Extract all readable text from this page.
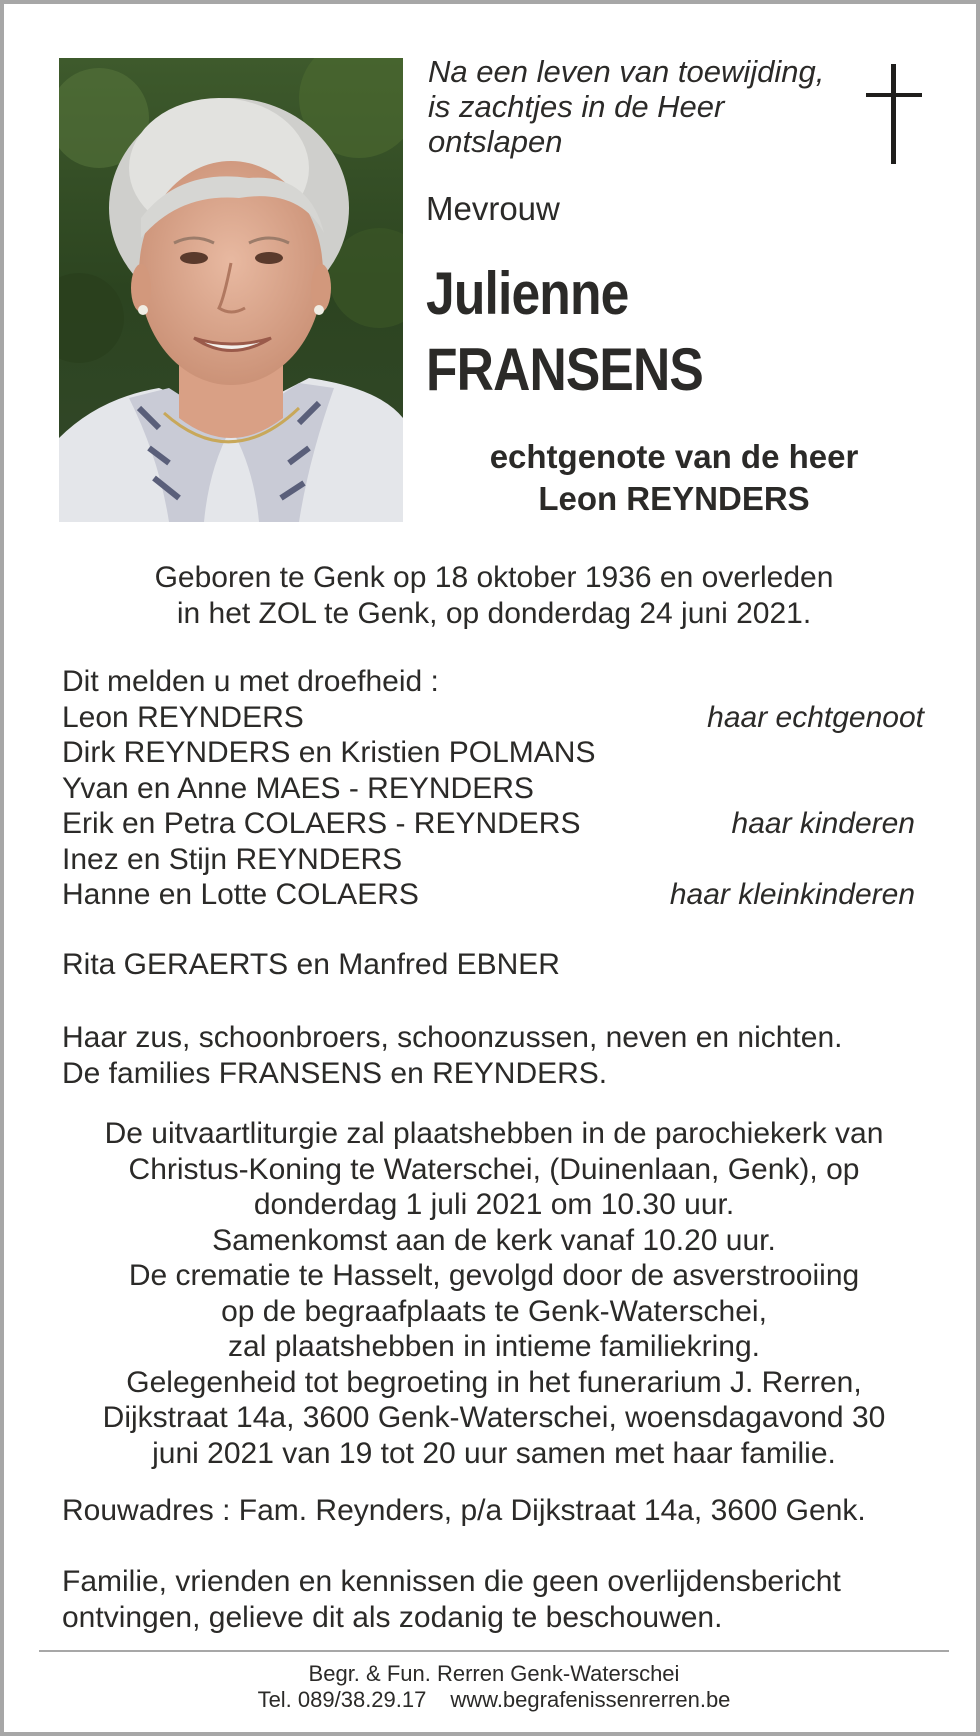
Na een leven van toewijding,
is zachtjes in de Heer
ontslapen
Mevrouw
Julienne
FRANSENS
echtgenote van de heer
Leon REYNDERS
Geboren te Genk op 18 oktober 1936 en overleden
in het ZOL te Genk, op donderdag 24 juni 2021.
Dit melden u met droefheid :
Leon REYNDERS	haar echtgenoot
Dirk REYNDERS en Kristien POLMANS
Yvan en Anne MAES - REYNDERS
Erik en Petra COLAERS - REYNDERS	haar kinderen
Inez en Stijn REYNDERS
Hanne en Lotte COLAERS	haar kleinkinderen
Rita GERAERTS en Manfred EBNER
Haar zus, schoonbroers, schoonzussen, neven en nichten.
De families FRANSENS en REYNDERS.
De uitvaartliturgie zal plaatshebben in de parochiekerk van
Christus-Koning te Waterschei, (Duinenlaan, Genk), op
donderdag 1 juli 2021 om 10.30 uur.
Samenkomst aan de kerk vanaf 10.20 uur.
De crematie te Hasselt, gevolgd door de asverstrooiing
op de begraafplaats te Genk-Waterschei,
zal plaatshebben in intieme familiekring.
Gelegenheid tot begroeting in het funerarium J. Rerren,
Dijkstraat 14a, 3600 Genk-Waterschei, woensdagavond 30
juni 2021 van 19 tot 20 uur samen met haar familie.
Rouwadres : Fam. Reynders, p/a Dijkstraat 14a, 3600 Genk.
Familie, vrienden en kennissen die geen overlijdensbericht
ontvingen, gelieve dit als zodanig te beschouwen.
Begr. & Fun. Rerren Genk-Waterschei
Tel. 089/38.29.17 www.begrafenissenrerren.be
